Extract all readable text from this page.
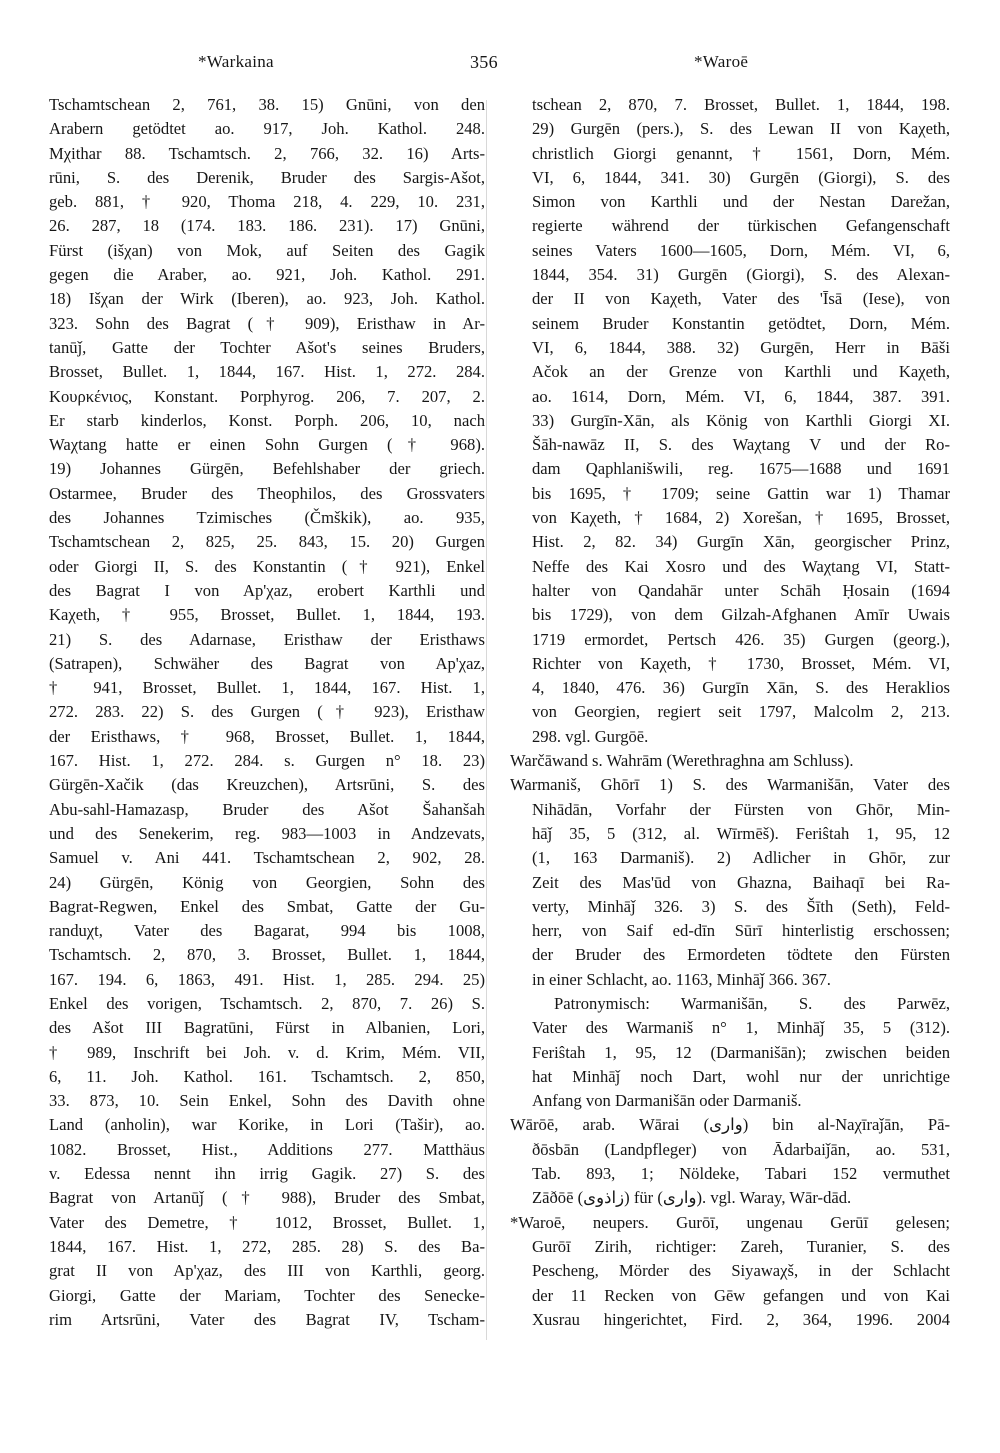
*Warkaina	356	*Waroē
Tschamtschean 2, 761, 38. 15) Gnūni, von den
Arabern getödtet ao. 917, Joh. Kathol. 248.
Mχithar 88. Tschamtsch. 2, 766, 32. 16) Arts-
rūni, S. des Derenik, Bruder des Sargis-Ašot,
geb. 881, † 920, Thoma 218, 4. 229, 10. 231,
26. 287, 18 (174. 183. 186. 231). 17) Gnūni,
Fürst (išχan) von Mok, auf Seiten des Gagik
gegen die Araber, ao. 921, Joh. Kathol. 291.
18) Išχan der Wirk (Iberen), ao. 923, Joh. Kathol.
323. Sohn des Bagrat († 909), Eristhaw in Ar-
tanūǰ, Gatte der Tochter Ašot's seines Bruders,
Brosset, Bullet. 1, 1844, 167. Hist. 1, 272. 284.
Κουρκένιος, Konstant. Porphyrog. 206, 7. 207, 2.
Er starb kinderlos, Konst. Porph. 206, 10, nach
Waχtang hatte er einen Sohn Gurgen († 968).
19) Johannes Gürgēn, Befehlshaber der griech.
Ostarmee, Bruder des Theophilos, des Grossvaters
des Johannes Tzimisches (Čmškik), ao. 935,
Tschamtschean 2, 825, 25. 843, 15. 20) Gurgen
oder Giorgi II, S. des Konstantin († 921), Enkel
des Bagrat I von Ap'χaz, erobert Karthli und
Kaχeth, † 955, Brosset, Bullet. 1, 1844, 193.
21) S. des Adarnase, Eristhaw der Eristhaws
(Satrapen), Schwäher des Bagrat von Ap'χaz,
† 941, Brosset, Bullet. 1, 1844, 167. Hist. 1,
272. 283. 22) S. des Gurgen († 923), Eristhaw
der Eristhaws, † 968, Brosset, Bullet. 1, 1844,
167. Hist. 1, 272. 284. s. Gurgen n° 18. 23)
Gürgēn-Xačik (das Kreuzchen), Artsrūni, S. des
Abu-sahl-Hamazasp, Bruder des Ašot Šahanšah
und des Senekerim, reg. 983—1003 in Andzevats,
Samuel v. Ani 441. Tschamtschean 2, 902, 28.
24) Gürgēn, König von Georgien, Sohn des
Bagrat-Regwen, Enkel des Smbat, Gatte der Gu-
randuχt, Vater des Bagarat, 994 bis 1008,
Tschamtsch. 2, 870, 3. Brosset, Bullet. 1, 1844,
167. 194. 6, 1863, 491. Hist. 1, 285. 294. 25)
Enkel des vorigen, Tschamtsch. 2, 870, 7. 26) S.
des Ašot III Bagratūni, Fürst in Albanien, Lori,
† 989, Inschrift bei Joh. v. d. Krim, Mém. VII,
6, 11. Joh. Kathol. 161. Tschamtsch. 2, 850,
33. 873, 10. Sein Enkel, Sohn des Davith ohne
Land (anholin), war Korike, in Lori (Tašir), ao.
1082. Brosset, Hist., Additions 277. Matthäus
v. Edessa nennt ihn irrig Gagik. 27) S. des
Bagrat von Artanūǰ († 988), Bruder des Smbat,
Vater des Demetre, † 1012, Brosset, Bullet. 1,
1844, 167. Hist. 1, 272, 285. 28) S. des Ba-
grat II von Ap'χaz, des III von Karthli, georg.
Giorgi, Gatte der Mariam, Tochter des Senecke-
rim Artsrūni, Vater des Bagrat IV, Tscham-
tschean 2, 870, 7. Brosset, Bullet. 1, 1844, 198.
29) Gurgēn (pers.), S. des Lewan II von Kaχeth,
christlich Giorgi genannt, † 1561, Dorn, Mém.
VI, 6, 1844, 341. 30) Gurgēn (Giorgi), S. des
Simon von Karthli und der Nestan Darežan,
regierte während der türkischen Gefangenschaft
seines Vaters 1600—1605, Dorn, Mém. VI, 6,
1844, 354. 31) Gurgēn (Giorgi), S. des Alexan-
der II von Kaχeth, Vater des 'Īsā (Iese), von
seinem Bruder Konstantin getödtet, Dorn, Mém.
VI, 6, 1844, 388. 32) Gurgēn, Herr in Bāši
Ačok an der Grenze von Karthli und Kaχeth,
ao. 1614, Dorn, Mém. VI, 6, 1844, 387. 391.
33) Gurgīn-Xān, als König von Karthli Giorgi XI.
Šāh-nawāz II, S. des Waχtang V und der Ro-
dam Qaphlanišwili, reg. 1675—1688 und 1691
bis 1695, † 1709; seine Gattin war 1) Thamar
von Kaχeth, † 1684, 2) Xorešan, † 1695, Brosset,
Hist. 2, 82. 34) Gurgīn Xān, georgischer Prinz,
Neffe des Kai Xosro und des Waχtang VI, Statt-
halter von Qandahār unter Schāh Ḥosain (1694
bis 1729), von dem Gilzah-Afghanen Amīr Uwais
1719 ermordet, Pertsch 426. 35) Gurgen (georg.),
Richter von Kaχeth, † 1730, Brosset, Mém. VI,
4, 1840, 476. 36) Gurgīn Xān, S. des Heraklios
von Georgien, regiert seit 1797, Malcolm 2, 213.
298. vgl. Gurgōē.
Warčāwand s. Wahrām (Werethraghna am Schluss).
Warmaniš, Ghōrī 1) S. des Warmanišān, Vater des
Nihādān, Vorfahr der Fürsten von Ghōr, Min-
hāǰ 35, 5 (312, al. Wīrmēš). Feriŝtah 1, 95, 12
(1, 163 Darmaniš). 2) Adlicher in Ghōr, zur
Zeit des Mas'ūd von Ghazna, Baihaqī bei Ra-
verty, Minhāǰ 326. 3) S. des Šīth (Seth), Feld-
herr, von Saif ed-dīn Sūrī hinterlistig erschossen;
der Bruder des Ermordeten tödtete den Fürsten
in einer Schlacht, ao. 1163, Minhāǰ 366. 367.
Patronymisch: Warmanišān, S. des Parwēz,
Vater des Warmaniš n° 1, Minhāǰ 35, 5 (312).
Feriŝtah 1, 95, 12 (Darmanišān); zwischen beiden
hat Minhāǰ noch Dart, wohl nur der unrichtige
Anfang von Darmanišān oder Darmaniš.
Wārōē, arab. Wārai (وارى) bin al-Naχīraǰān, Pā-
ðōsbān (Landpfleger) von Ādarbaiǰān, ao. 531,
Tab. 893, 1; Nöldeke, Tabari 152 vermuthet
Zāðōē (زاذوى) für (وارى). vgl. Waray, Wār-dād.
*Waroē, neupers. Gurōī, ungenau Gerūī gelesen;
Gurōī Zirih, richtiger: Zareh, Turanier, S. des
Pescheng, Mörder des Siyawaχš, in der Schlacht
der 11 Recken von Gēw gefangen und von Kai
Xusrau hingerichtet, Fird. 2, 364, 1996. 2004
